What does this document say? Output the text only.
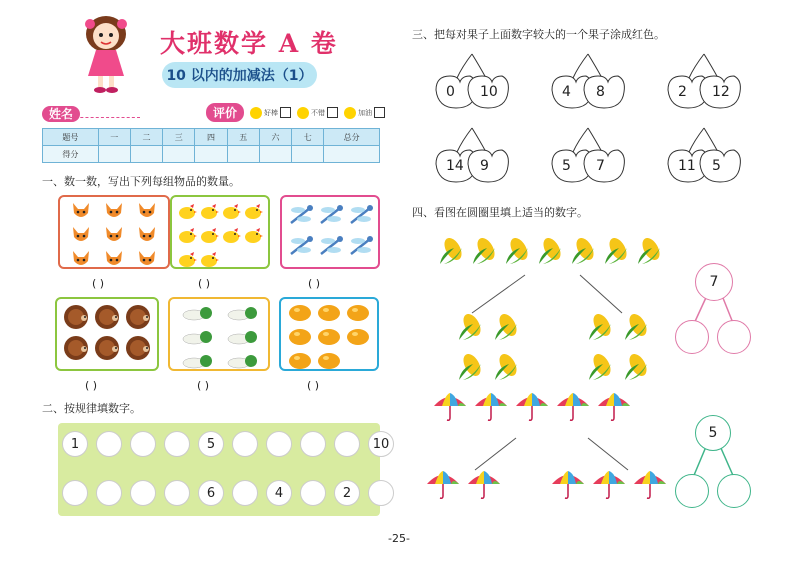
大班数学 A 卷
10 以内的加减法（1）
姓名	评价	好棒	不错	加油
题号	一	二	三	四	五	六	七	总分
得分								
一、数一数，写出下列每组物品的数量。
( )	( )	( )
( )	( )	( )
二、按规律填数字。
1	5	10
6	4	2
三、把每对果子上面数字较大的一个果子涂成红色。
0 10	4 8	2 12
14 9	5 7	11 5
四、看图在圆圈里填上适当的数字。
7
5
-25-
